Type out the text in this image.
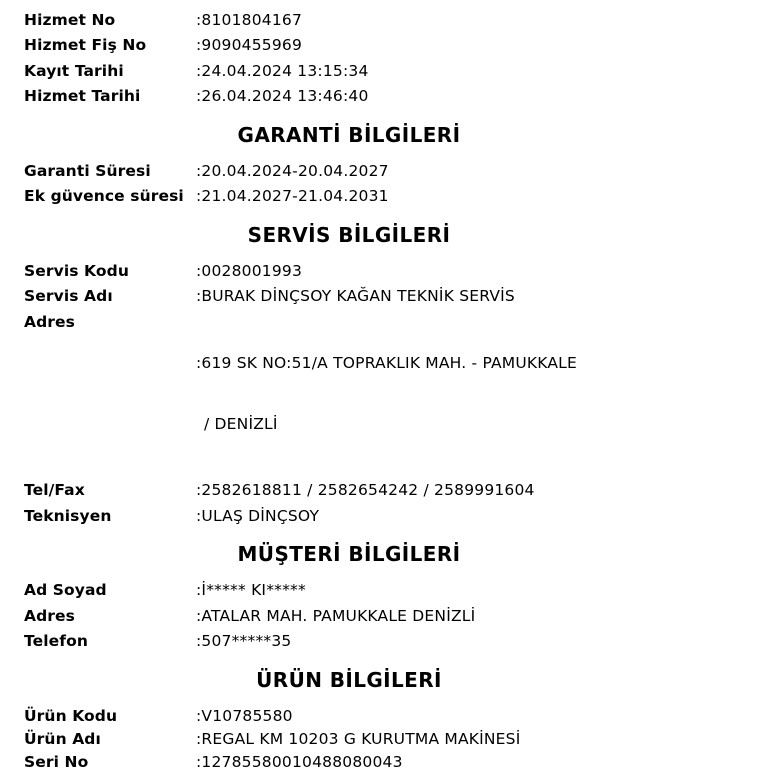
Hizmet No	:8101804167
Hizmet Fiş No	:9090455969
Kayıt Tarihi	:24.04.2024 13:15:34
Hizmet Tarihi	:26.04.2024 13:46:40
GARANTİ BİLGİLERİ
Garanti Süresi	:20.04.2024-20.04.2027
Ek güvence süresi :21.04.2027-21.04.2031
SERVİS BİLGİLERİ
Servis Kodu	:0028001993
Servis Adı	:BURAK DİNÇSOY KAĞAN TEKNİK SERVİS
Adres

:619 SK NO:51/A TOPRAKLIK MAH. - PAMUKKALE

/ DENİZLİ

Tel/Fax	:2582618811 / 2582654242 / 2589991604
Teknisyen	:ULAŞ DİNÇSOY
MÜŞTERİ BİLGİLERİ
Ad Soyad	:İ***** KI*****
Adres	:ATALAR MAH. PAMUKKALE DENİZLİ
Telefon	:507*****35
ÜRÜN BİLGİLERİ
Ürün Kodu	:V10785580
Ürün Adı	:REGAL KM 10203 G KURUTMA MAKİNESİ
Seri No	:12785580010488080043
